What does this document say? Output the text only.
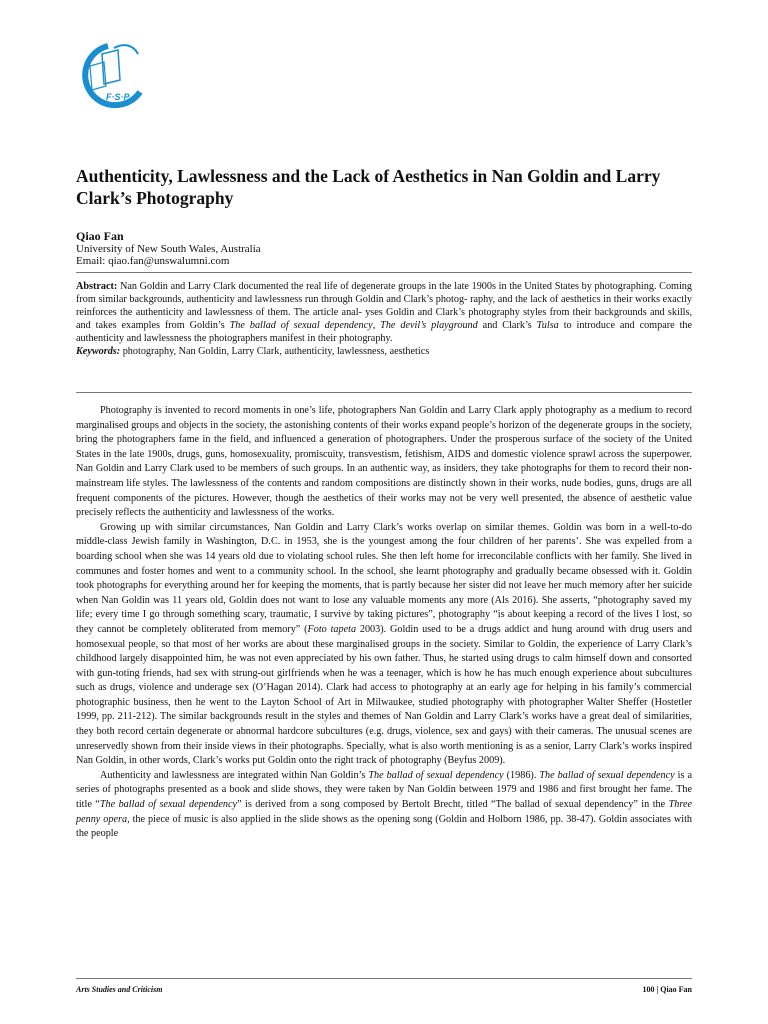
F·S·P
Authenticity, Lawlessness and the Lack of Aesthetics in Nan Goldin and Larry Clark’s Photography
Qiao Fan
University of New South Wales, Australia
Email: qiao.fan@unswalumni.com
Abstract: Nan Goldin and Larry Clark documented the real life of degenerate groups in the late 1900s in the United States by photographing. Coming from similar backgrounds, authenticity and lawlessness run through Goldin and Clark’s photog- raphy, and the lack of aesthetics in their works exactly reinforces the authenticity and lawlessness of them. The article anal- yses Goldin and Clark’s photography styles from their backgrounds and skills, and takes examples from Goldin’s The ballad of sexual dependency, The devil’s playground and Clark’s Tulsa to introduce and compare the authenticity and lawlessness the photographers manifest in their photography.

Keywords: photography, Nan Goldin, Larry Clark, authenticity, lawlessness, aesthetics

Photography is invented to record moments in one’s life, photographers Nan Goldin and Larry Clark apply photography as a medium to record marginalised groups and objects in the society, the astonishing contents of their works expand people’s horizon of the degenerate groups in the society, bring the photographers fame in the field, and influenced a generation of photographers. Under the prosperous surface of the society of the United States in the late 1900s, drugs, guns, homosexuality, promiscuity, transvestism, fetishism, AIDS and domestic violence sprawl across the superpower. Nan Goldin and Larry Clark used to be members of such groups. In an authentic way, as insiders, they take photographs for them to record their non-mainstream life styles. The lawlessness of the contents and random compositions are distinctly shown in their works, nude bodies, guns, drugs are all frequent components of the pictures. However, though the aesthetics of their works may not be very well presented, the absence of aesthetic value precisely reflects the authenticity and lawlessness of the works.

Growing up with similar circumstances, Nan Goldin and Larry Clark’s works overlap on similar themes. Goldin was born in a well-to-do middle-class Jewish family in Washington, D.C. in 1953, she is the youngest among the four children of her parents’. She was expelled from a boarding school when she was 14 years old due to violating school rules. She then left home for irreconcilable conflicts with her family. She lived in communes and foster homes and went to a community school. In the school, she learnt photography and gradually became obsessed with it. Goldin took photographs for everything around her for keeping the moments, that is partly because her sister did not leave her much memory after her suicide when Nan Goldin was 11 years old, Goldin does not want to lose any valuable moments any more (Als 2016). She asserts, “photography saved my life; every time I go through something scary, traumatic, I survive by taking pictures”, photography “is about keeping a record of the lives I lost, so they cannot be completely obliterated from memory” (Foto tapeta 2003). Goldin used to be a drugs addict and hung around with drug users and homosexual people, so that most of her works are about these marginalised groups in the society. Similar to Goldin, the experience of Larry Clark’s childhood largely disappointed him, he was not even appreciated by his own father. Thus, he started using drugs to calm himself down and consorted with gun-toting friends, had sex with strung-out girlfriends when he was a teenager, which is how he has much enough experience about subcultures such as drugs, violence and underage sex (O’Hagan 2014). Clark had access to photography at an early age for helping in his family’s commercial photographic business, then he went to the Layton School of Art in Milwaukee, studied photography with photographer Walter Sheffer (Hostetler 1999, pp. 211-212). The similar backgrounds result in the styles and themes of Nan Goldin and Larry Clark’s works have a great deal of similarities, they both record certain degenerate or abnormal hardcore subcultures (e.g. drugs, violence, sex and gays) with their cameras. The unusual scenes are unreservedly shown from their inside views in their photographs. Specially, what is also worth mentioning is as a senior, Larry Clark’s works inspired Nan Goldin, in other words, Clark’s works put Goldin onto the right track of photography (Beyfus 2009).

Authenticity and lawlessness are integrated within Nan Goldin’s The ballad of sexual dependency (1986). The ballad of sexual dependency is a series of photographs presented as a book and slide shows, they were taken by Nan Goldin between 1979 and 1986 and first brought her fame. The title “The ballad of sexual dependency” is derived from a song composed by Bertolt Brecht, titled “The ballad of sexual dependency” in the Three penny opera, the piece of music is also applied in the slide shows as the opening song (Goldin and Holborn 1986, pp. 38-47). Goldin associates with the people

Arts Studies and Criticism	100 | Qiao Fan
